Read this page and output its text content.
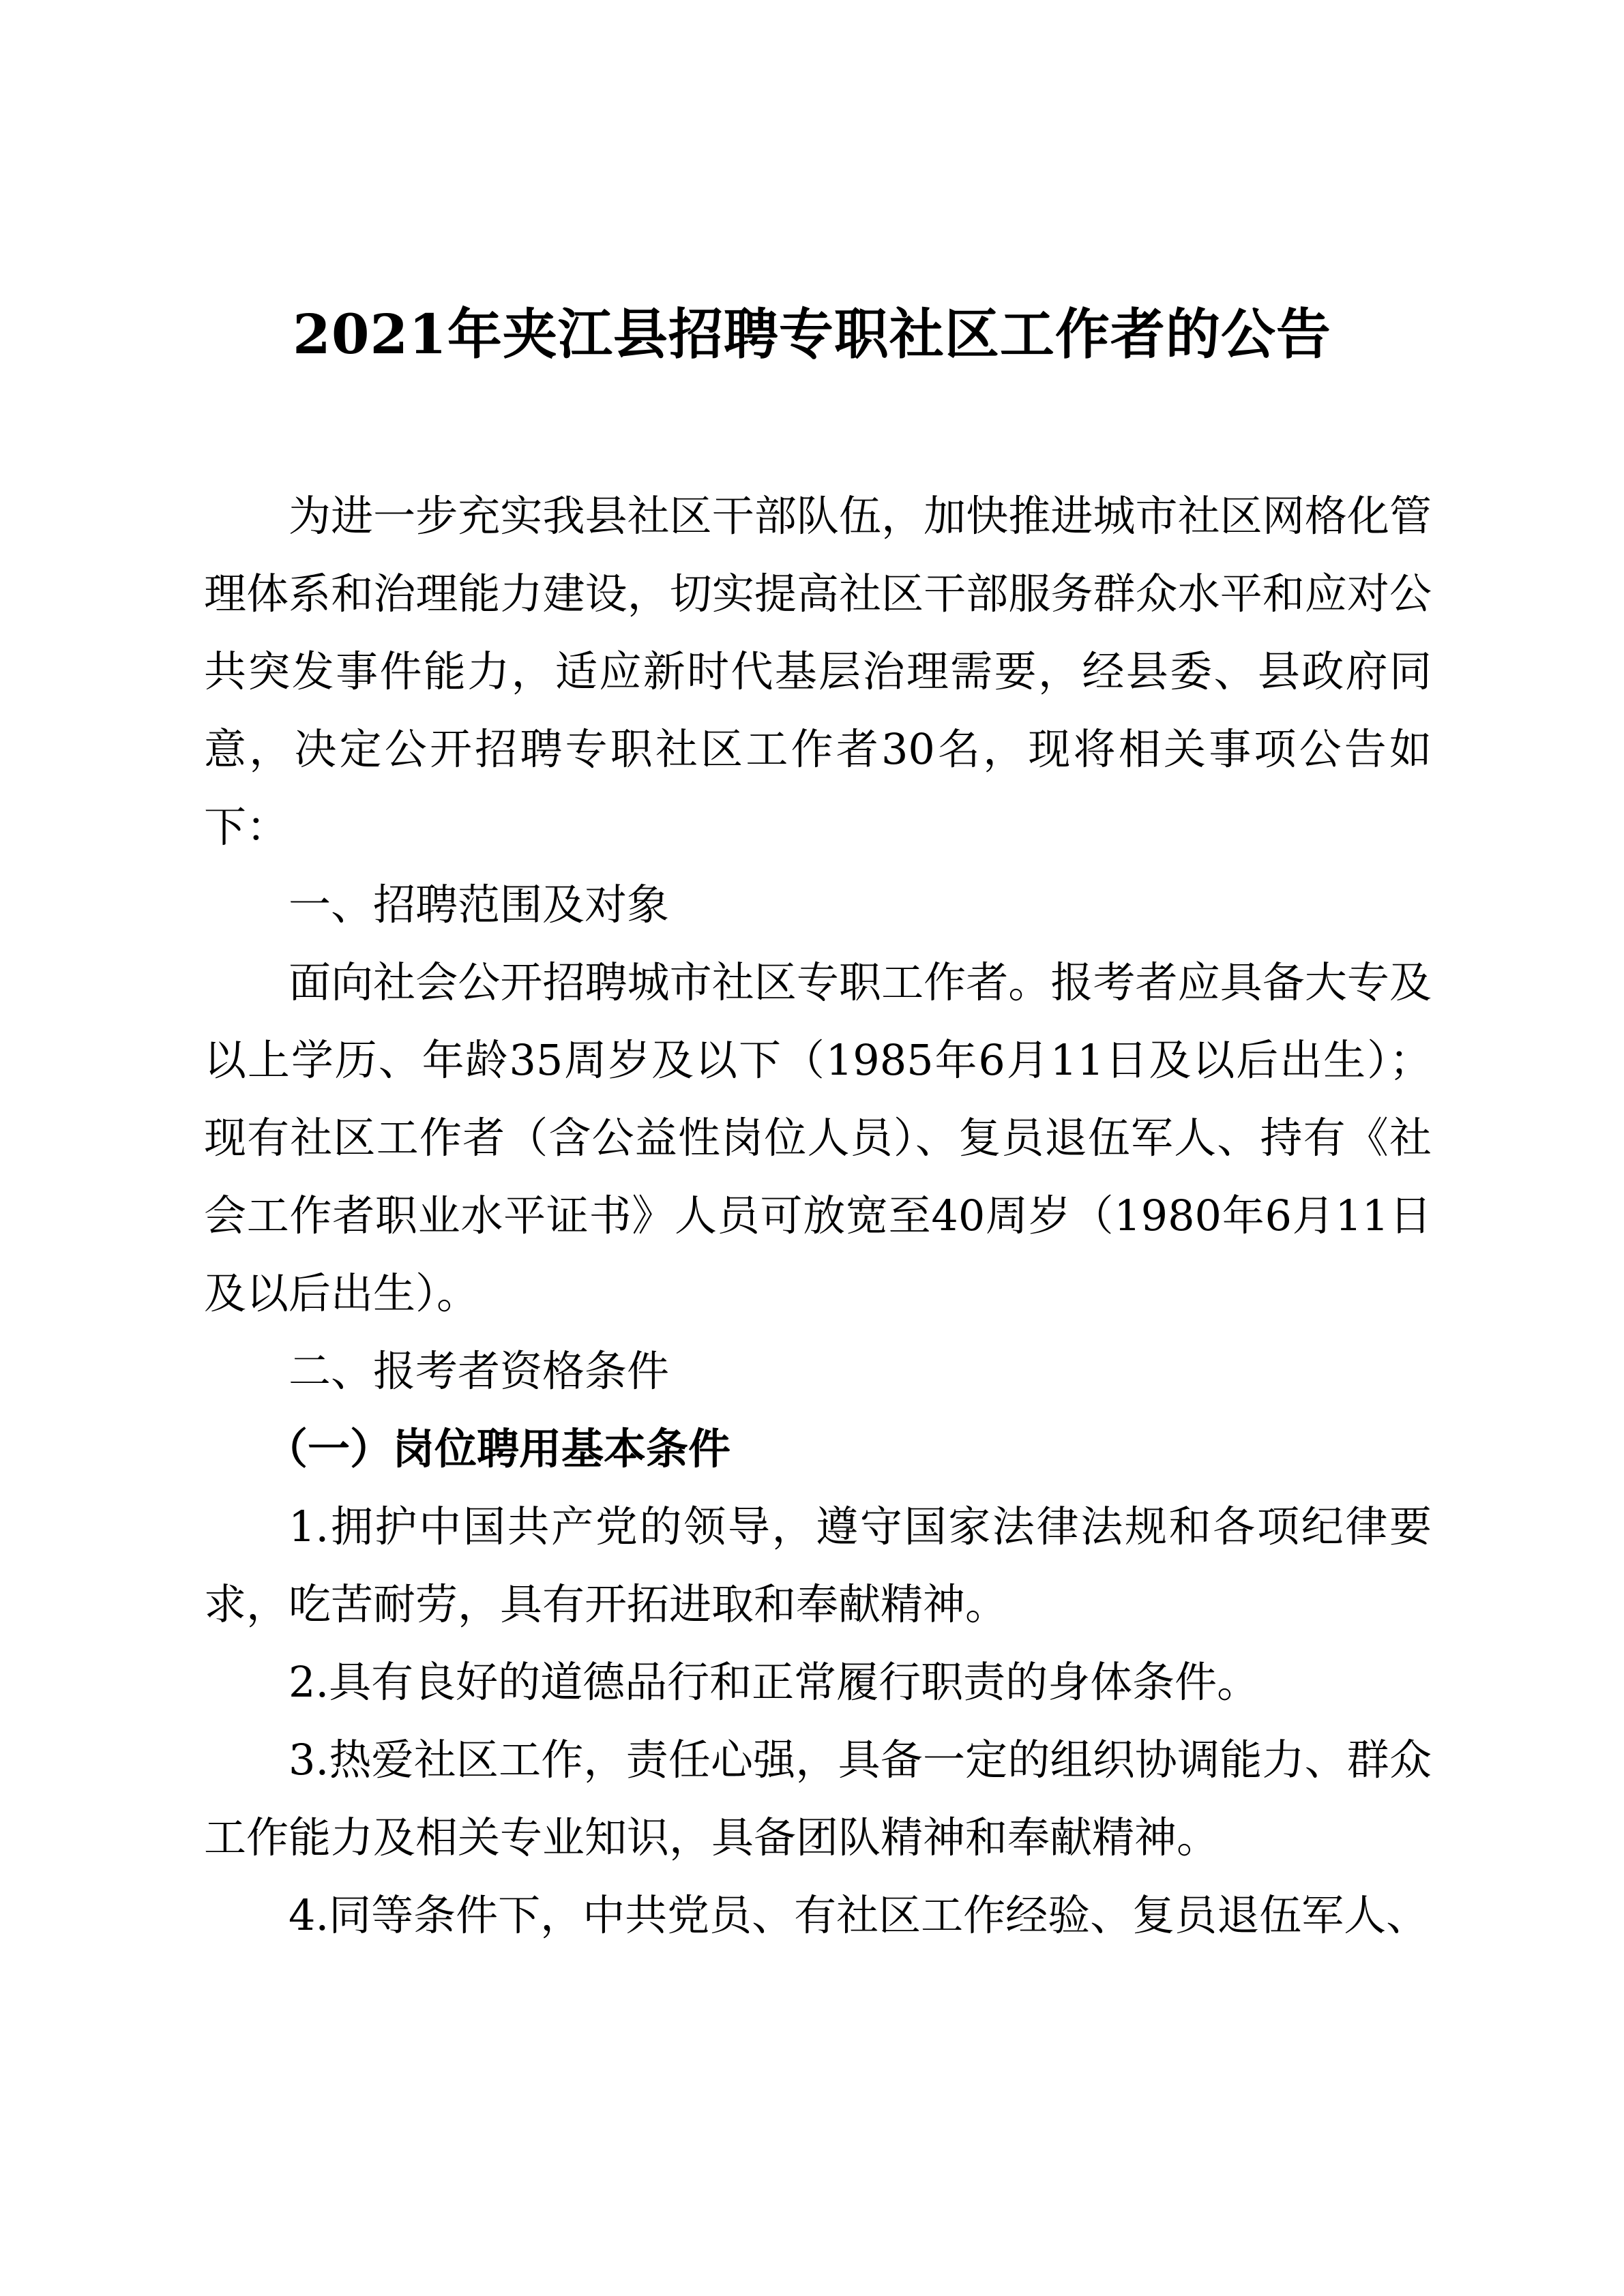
2021年夹江县招聘专职社区工作者的公告

为进一步充实我县社区干部队伍，加快推进城市社区网格化管理体系和治理能力建设，切实提高社区干部服务群众水平和应对公共突发事件能力，适应新时代基层治理需要，经县委、县政府同意，决定公开招聘专职社区工作者30名，现将相关事项公告如下：

一、招聘范围及对象

面向社会公开招聘城市社区专职工作者。报考者应具备大专及以上学历、年龄35周岁及以下（1985年6月11日及以后出生）；现有社区工作者（含公益性岗位人员）、复员退伍军人、持有《社会工作者职业水平证书》人员可放宽至40周岁（1980年6月11日及以后出生）。

二、报考者资格条件

（一）岗位聘用基本条件

1.拥护中国共产党的领导，遵守国家法律法规和各项纪律要求，吃苦耐劳，具有开拓进取和奉献精神。

2.具有良好的道德品行和正常履行职责的身体条件。

3.热爱社区工作，责任心强，具备一定的组织协调能力、群众工作能力及相关专业知识，具备团队精神和奉献精神。

4.同等条件下，中共党员、有社区工作经验、复员退伍军人、
